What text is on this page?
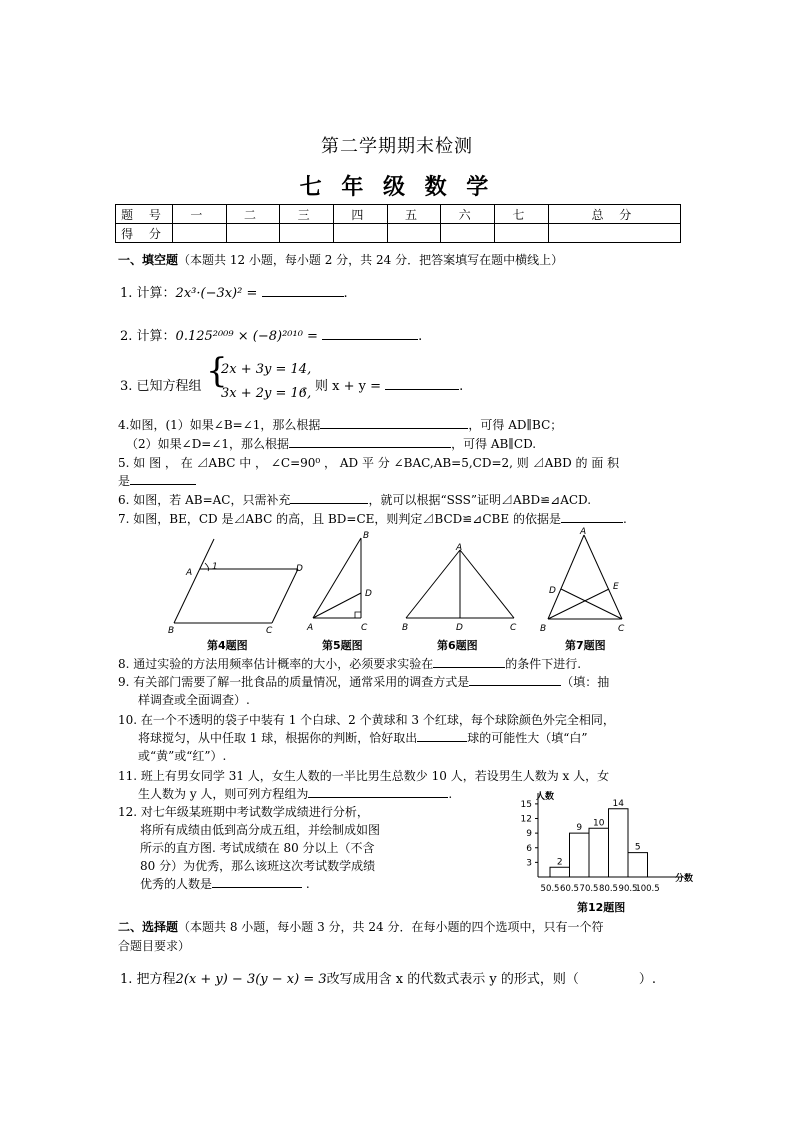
第二学期期末检测
七 年 级 数 学
题 号	一	二	三	四	五	六	七	总 分
得 分								
一、填空题（本题共 12 小题，每小题 2 分，共 24 分．把答案填写在题中横线上）
1. 计算：2x³·(−3x)² =	.
2. 计算：0.125²⁰⁰⁹ × (−8)²⁰¹⁰ =	.
3. 已知方程组 {
2x + 3y = 14,
3x + 2y = 16,
，则 x + y =	.
4.如图，(1）如果∠B=∠1，那么根据	，可得 AD∥BC；
（2）如果∠D=∠1，那么根据	，可得 AB∥CD.
5. 如 图 ， 在 ⊿ABC 中 ， ∠C=90⁰ ， AD 平 分 ∠BAC,AB=5,CD=2, 则 ⊿ABD 的 面 积
是
6. 如图，若 AB=AC，只需补充	，就可以根据“SSS”证明⊿ABD≌⊿ACD.
7. 如图，BE，CD 是⊿ABC 的高，且 BD=CE，则判定⊿BCD≌⊿CBE 的依据是	.
A
1	D
B	C
第4题图
B
D
A	C
第5题图
A
B	D	C
第6题图
A
D	E
B	C
第7题图
8. 通过实验的方法用频率估计概率的大小，必须要求实验在	的条件下进行.
9. 有关部门需要了解一批食品的质量情况，通常采用的调查方式是	（填：抽
样调查或全面调查）.
10. 在一个不透明的袋子中装有 1 个白球、2 个黄球和 3 个红球，每个球除颜色外完全相同，
将球搅匀，从中任取 1 球，根据你的判断，恰好取出	球的可能性大（填“白”
或“黄”或“红”）.
11. 班上有男女同学 31 人，女生人数的一半比男生总数少 10 人，若设男生人数为 x 人，女
生人数为 y 人，则可列方程组为	.
12. 对七年级某班期中考试数学成绩进行分析，
将所有成绩由低到高分成五组，并绘制成如图
所示的直方图. 考试成绩在 80 分以上（不含
80 分）为优秀，那么该班这次考试数学成绩
优秀的人数是	.
3
6
9
12
15
50.5 60.5 70.5 80.5 90.5
100.5
2
9 10
14
5
人数
分数
第12题图
二、选择题（本题共 8 小题，每小题 3 分，共 24 分．在每小题的四个选项中，只有一个符
合题目要求）
1. 把方程2(x + y) − 3(y − x) = 3改写成用含 x 的代数式表示 y 的形式，则（	）.
